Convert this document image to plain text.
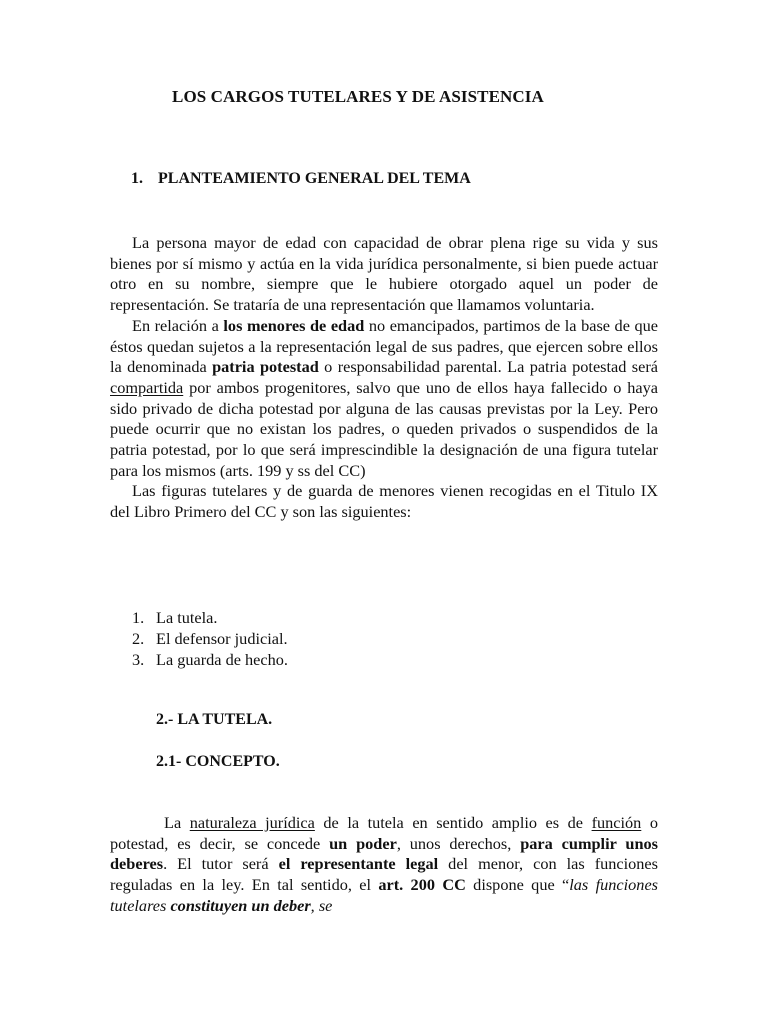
LOS CARGOS TUTELARES Y DE ASISTENCIA
1. PLANTEAMIENTO GENERAL DEL TEMA

La persona mayor de edad con capacidad de obrar plena rige su vida y sus bienes por sí mismo y actúa en la vida jurídica personalmente, si bien puede actuar otro en su nombre, siempre que le hubiere otorgado aquel un poder de representación. Se trataría de una representación que llamamos voluntaria.

En relación a los menores de edad no emancipados, partimos de la base de que éstos quedan sujetos a la representación legal de sus padres, que ejercen sobre ellos la denominada patria potestad o responsabilidad parental. La patria potestad será compartida por ambos progenitores, salvo que uno de ellos haya fallecido o haya sido privado de dicha potestad por alguna de las causas previstas por la Ley. Pero puede ocurrir que no existan los padres, o queden privados o suspendidos de la patria potestad, por lo que será imprescindible la designación de una figura tutelar para los mismos (arts. 199 y ss del CC)

Las figuras tutelares y de guarda de menores vienen recogidas en el Titulo IX del Libro Primero del CC y son las siguientes:

1. La tutela.
2. El defensor judicial.
3. La guarda de hecho.
2.- LA TUTELA.
2.1- CONCEPTO.

La naturaleza jurídica de la tutela en sentido amplio es de función o potestad, es decir, se concede un poder, unos derechos, para cumplir unos deberes. El tutor será el representante legal del menor, con las funciones reguladas en la ley. En tal sentido, el art. 200 CC dispone que “las funciones tutelares constituyen un deber, se
